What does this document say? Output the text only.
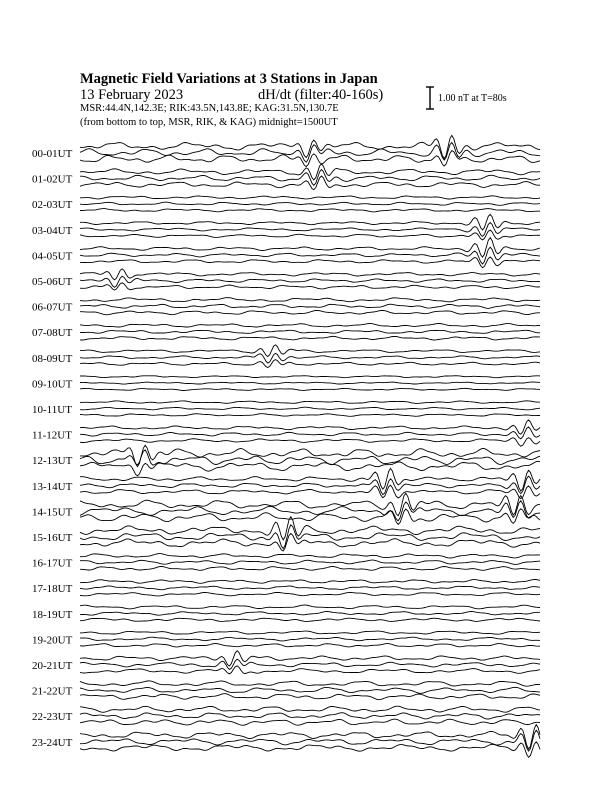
Magnetic Field Variations at 3 Stations in Japan
13 February 2023	dH/dt (filter:40-160s)
MSR:44.4N,142.3E; RIK:43.5N,143.8E; KAG:31.5N,130.7E
(from bottom to top, MSR, RIK, & KAG) midnight=1500UT
1.00 nT at T=80s
00-01UT
01-02UT
02-03UT
03-04UT
04-05UT
05-06UT
06-07UT
07-08UT
08-09UT
09-10UT
10-11UT
11-12UT
12-13UT
13-14UT
14-15UT
15-16UT
16-17UT
17-18UT
18-19UT
19-20UT
20-21UT
21-22UT
22-23UT
23-24UT
